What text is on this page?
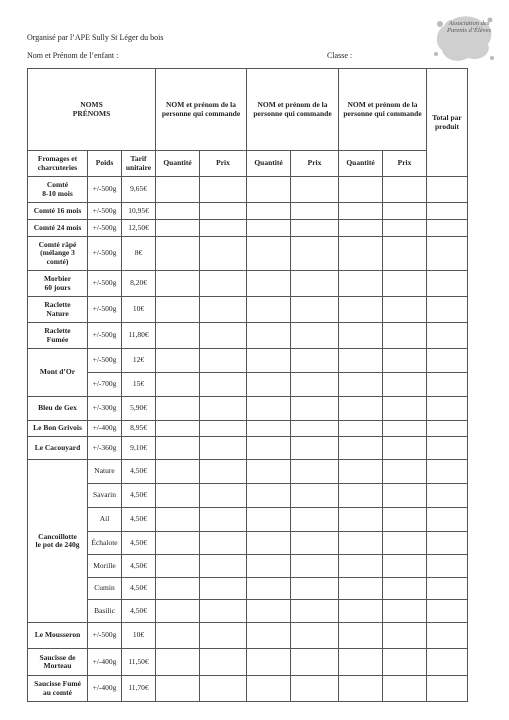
Organisé par l’APE Sully St Léger du bois
Nom et Prénom de l’enfant :	Classe :
Association des Parents d’Élèves
NOMS
PRÉNOMS			NOM et prénom de la personne qui commande		NOM et prénom de la personne qui commande		NOM et prénom de la personne qui commande		Total par produit
Fromages et charcuteries	Poids	Tarif unitaire	Quantité	Prix	Quantité	Prix	Quantité	Prix	
Comté
8-10 mois	+/-500g	9,65€							
Comté 16 mois	+/-500g	10,95€							
Comté 24 mois	+/-500g	12,50€							
Comté râpé
(mélange 3
comté)	+/-500g	8€							
Morbier
60 jours	+/-500g	8,20€							
Raclette
Nature	+/-500g	10€							
Raclette
Fumée	+/-500g	11,80€							
Mont d’Or	+/-500g	12€							
	+/-700g	15€							
Bleu de Gex	+/-300g	5,90€							
Le Bon Grivois	+/-400g	8,95€							
Le Cacouyard	+/-360g	9,10€							
Cancoillotte
le pot de 240g	Nature	4,50€							
	Savarin	4,50€							
	Ail	4,50€							
	Échalote	4,50€							
	Morille	4,50€							
	Cumin	4,50€							
	Basilic	4,50€							
Le Mousseron	+/-500g	10€							
Saucisse de
Morteau	+/-400g	11,50€							
Saucisse Fumé
au comté	+/-400g	11,70€							
